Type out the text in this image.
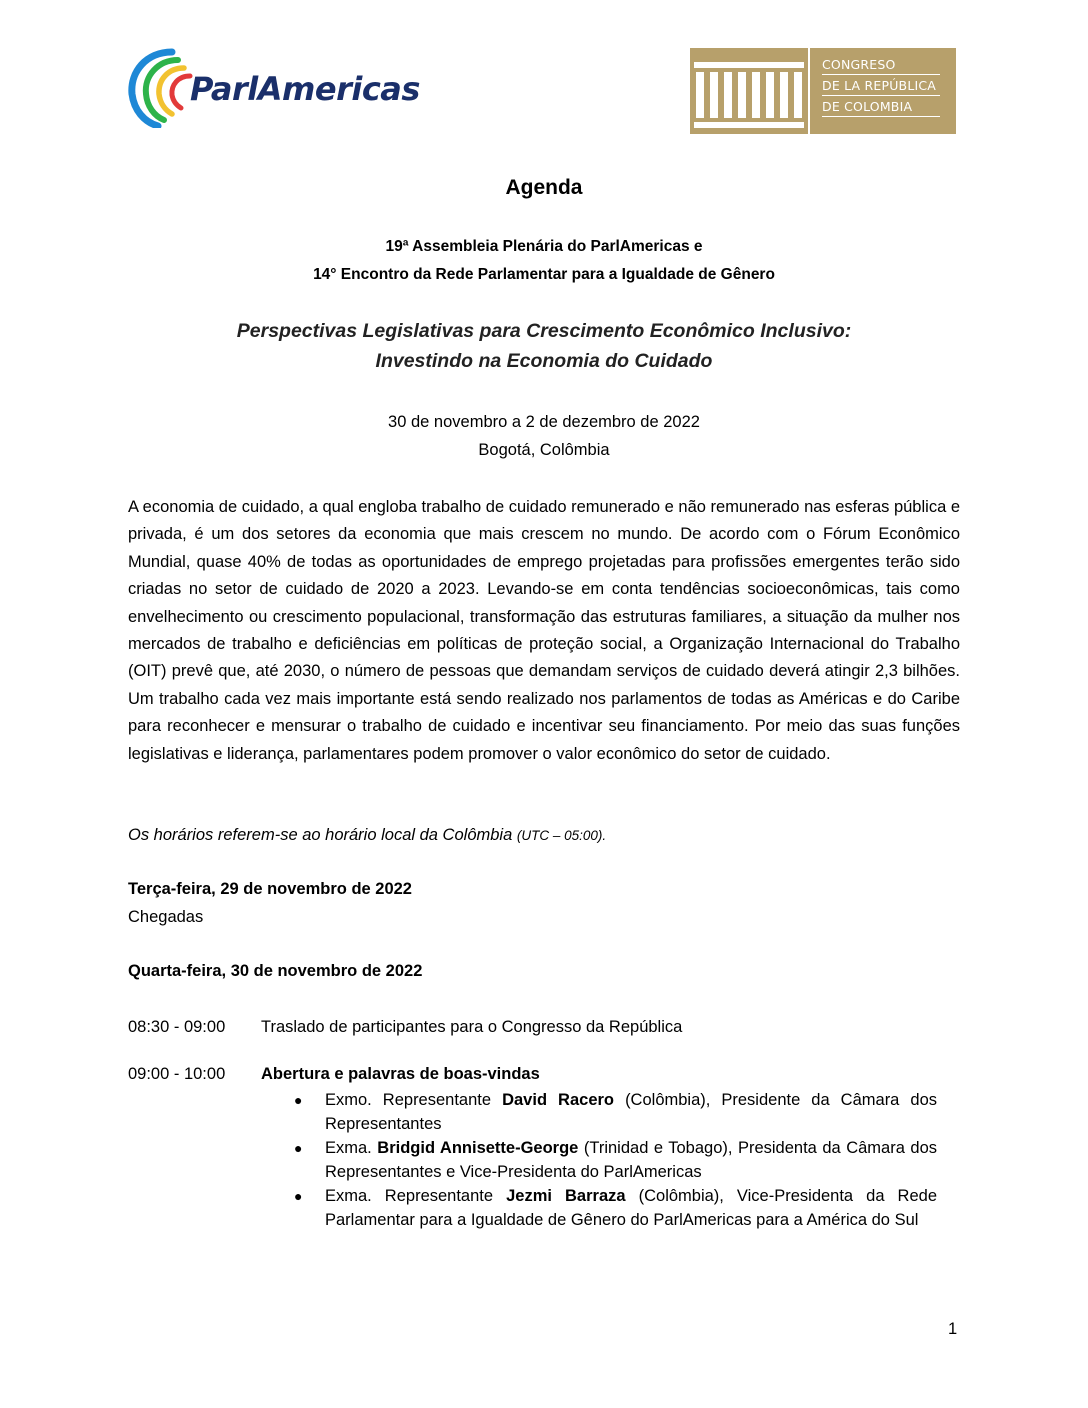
ParlAmericas
CONGRESO
DE LA REPÚBLICA
DE COLOMBIA
Agenda
19ª Assembleia Plenária do ParlAmericas e
14° Encontro da Rede Parlamentar para a Igualdade de Gênero
Perspectivas Legislativas para Crescimento Econômico Inclusivo:
Investindo na Economia do Cuidado
30 de novembro a 2 de dezembro de 2022
Bogotá, Colômbia
A economia de cuidado, a qual engloba trabalho de cuidado remunerado e não remunerado nas esferas pública e privada, é um dos setores da economia que mais crescem no mundo. De acordo com o Fórum Econômico Mundial, quase 40% de todas as oportunidades de emprego projetadas para profissões emergentes terão sido criadas no setor de cuidado de 2020 a 2023. Levando-se em conta tendências socioeconômicas, tais como envelhecimento ou crescimento populacional, transformação das estruturas familiares, a situação da mulher nos mercados de trabalho e deficiências em políticas de proteção social, a Organização Internacional do Trabalho (OIT) prevê que, até 2030, o número de pessoas que demandam serviços de cuidado deverá atingir 2,3 bilhões. Um trabalho cada vez mais importante está sendo realizado nos parlamentos de todas as Américas e do Caribe para reconhecer e mensurar o trabalho de cuidado e incentivar seu financiamento. Por meio das suas funções legislativas e liderança, parlamentares podem promover o valor econômico do setor de cuidado.
Os horários referem-se ao horário local da Colômbia (UTC – 05:00).
Terça-feira, 29 de novembro de 2022
Chegadas
Quarta-feira, 30 de novembro de 2022
08:30 - 09:00 Traslado de participantes para o Congresso da República
09:00 - 10:00 Abertura e palavras de boas-vindas
● Exmo. Representante David Racero (Colômbia), Presidente da Câmara dos Representantes
● Exma. Bridgid Annisette-George (Trinidad e Tobago), Presidenta da Câmara dos Representantes e Vice-Presidenta do ParlAmericas
● Exma. Representante Jezmi Barraza (Colômbia), Vice-Presidenta da Rede Parlamentar para a Igualdade de Gênero do ParlAmericas para a América do Sul
1
